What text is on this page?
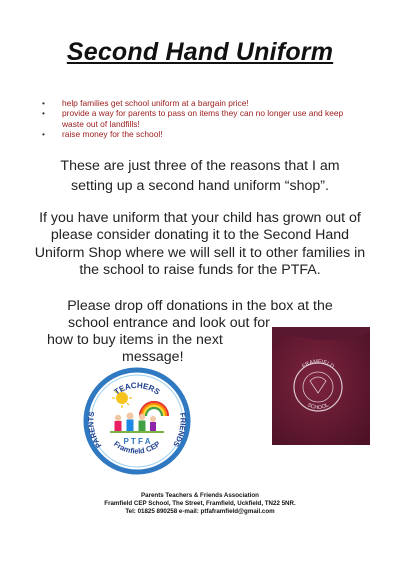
Second Hand Uniform
• help families get school uniform at a bargain price!
• provide a way for parents to pass on items they can no longer use and keep waste out of landfills!
• raise money for the school!
These are just three of the reasons that I am
setting up a second hand uniform “shop”.
If you have uniform that your child has grown out of please consider donating it to the Second Hand Uniform Shop where we will sell it to other families in the school to raise funds for the PTFA.
Please drop off donations in the box at the
school entrance and look out for
how to buy items in the next
message!
P T F A
TEACHERS
PARENTS	FRIENDS
Framfield CEP
FRAMFIELD
SCHOOL
Parents Teachers & Friends Association
Framfield CEP School, The Street, Framfield, Uckfield, TN22 5NR.
Tel: 01825 890258 e-mail: ptfaframfield@gmail.com
